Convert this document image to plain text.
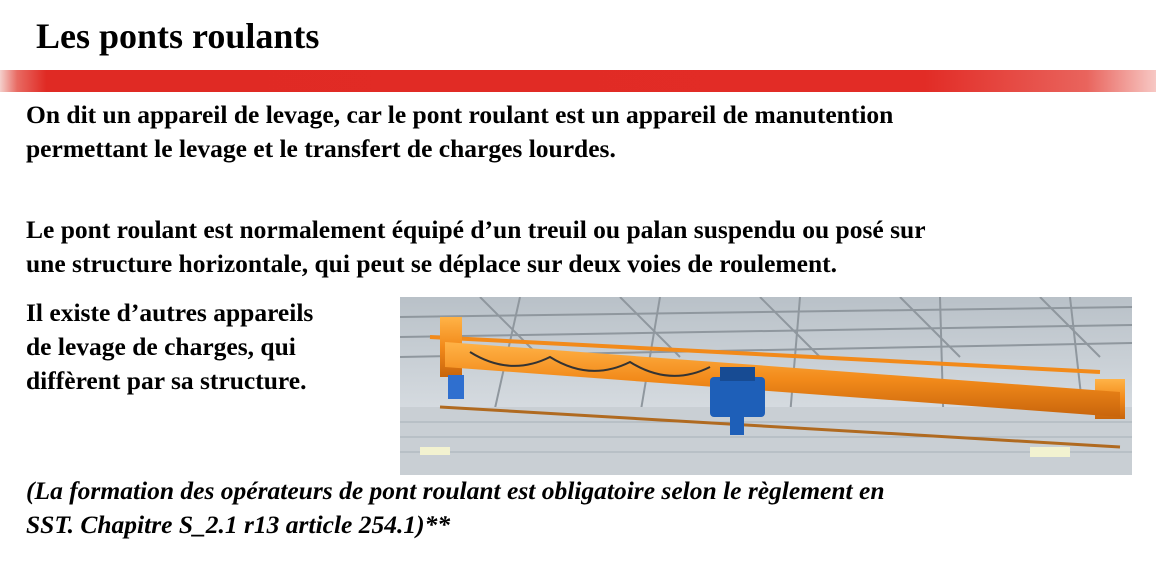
Les ponts roulants

On dit un appareil de levage, car le pont roulant est un appareil de manutention
permettant le levage et le transfert de charges lourdes.

Le pont roulant est normalement équipé d’un treuil ou palan suspendu ou posé sur
une structure horizontale, qui peut se déplace sur deux voies de roulement.

Il existe d’autres appareils
de levage de charges, qui
diffèrent par sa structure.

(La formation des opérateurs de pont roulant est obligatoire selon le règlement en
SST. Chapitre S_2.1 r13 article 254.1)**
